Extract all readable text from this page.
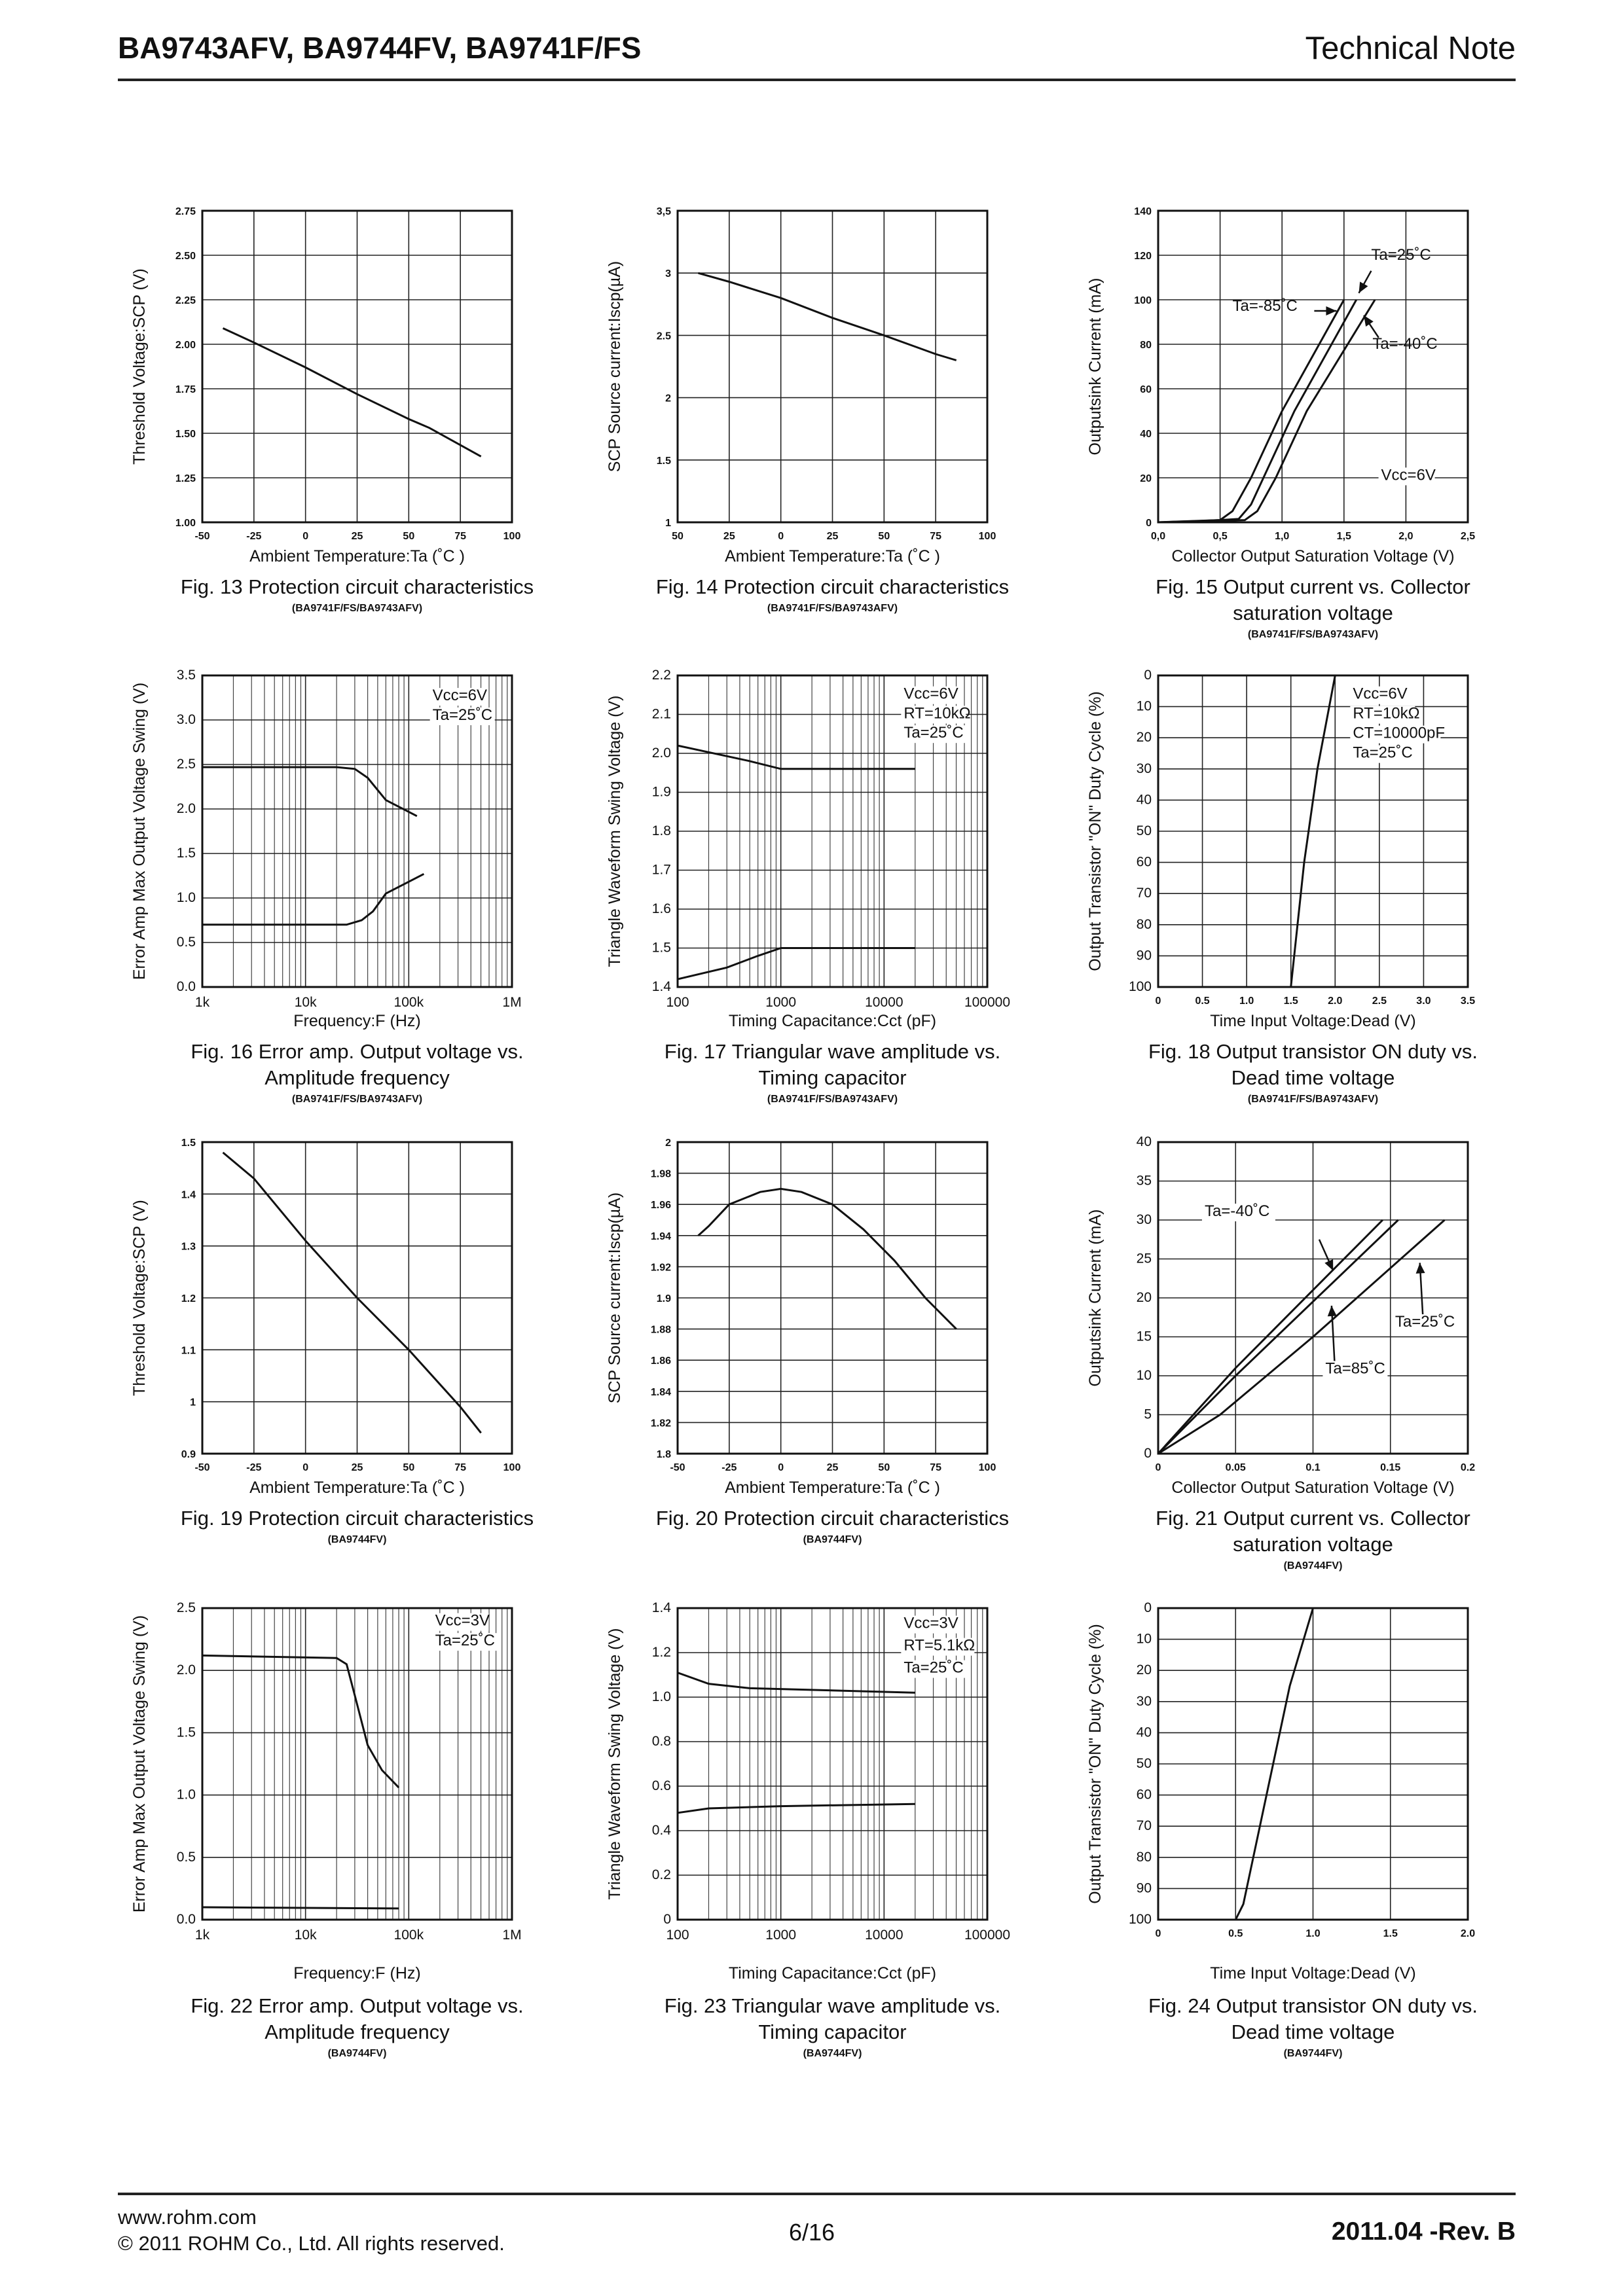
BA9743AFV, BA9744FV, BA9741F/FS	Technical Note
-50	-25	0	25	50	75	100
1.00
1.25
1.50
1.75
2.00
2.25
2.50
2.75
Ambient Temperature:Ta (˚C )
Threshold Voltage:SCP (V)
Fig. 13 Protection circuit characteristics
(BA9741F/FS/BA9743AFV)
50	25	0	25	50	75	100
1
1.5
2
2.5
3
3,5
Ambient Temperature:Ta (˚C )
SCP Source current:Iscp(µA)
Fig. 14 Protection circuit characteristics
(BA9741F/FS/BA9743AFV)
0,0	0,5	1,0	1,5	2,0	2,5
0
20
40
60
80
100
120
140
Ta=25˚C
Ta=-85˚C
Ta=-40˚C
Vcc=6V
Collector Output Saturation Voltage (V)
Outputsink Current (mA)
Fig. 15 Output current vs. Collector
saturation voltage
(BA9741F/FS/BA9743AFV)
1k	10k	100k	1M
0.0
0.5
1.0
1.5
2.0
2.5
3.0
3.5
Vcc=6V
Ta=25˚C
Frequency:F (Hz)
Error Amp Max Output Voltage Swing (V)
Fig. 16 Error amp. Output voltage vs.
Amplitude frequency
(BA9741F/FS/BA9743AFV)
100	1000	10000	100000
1.4
1.5
1.6
1.7
1.8
1.9
2.0
2.1
2.2
Vcc=6V
RT=10kΩ
Ta=25˚C
Timing Capacitance:Cct (pF)
Triangle Waveform Swing Voltage (V)
Fig. 17 Triangular wave amplitude vs.
Timing capacitor
(BA9741F/FS/BA9743AFV)
0	0.5	1.0	1.5	2.0	2.5	3.0	3.5
0
10
20
30
40
50
60
70
80
90
100
Vcc=6V
RT=10kΩ
CT=10000pF
Ta=25˚C
Time Input Voltage:Dead (V)
Output Transistor "ON" Duty Cycle (%)
Fig. 18 Output transistor ON duty vs.
Dead time voltage
(BA9741F/FS/BA9743AFV)
-50	-25	0	25	50	75	100
0.9
1
1.1
1.2
1.3
1.4
1.5
Ambient Temperature:Ta (˚C )
Threshold Voltage:SCP (V)
Fig. 19 Protection circuit characteristics
(BA9744FV)
-50	-25	0	25	50	75	100
1.8
1.82
1.84
1.86
1.88
1.9
1.92
1.94
1.96
1.98
2
Ambient Temperature:Ta (˚C )
SCP Source current:Iscp(µA)
Fig. 20 Protection circuit characteristics
(BA9744FV)
0	0.05	0.1	0.15	0.2
0
5
10
15
20
25
30
35
40
Ta=-40˚C
Ta=25˚C
Ta=85˚C
Collector Output Saturation Voltage (V)
Outputsink Current (mA)
Fig. 21 Output current vs. Collector
saturation voltage
(BA9744FV)
1k	10k	100k	1M
0.0
0.5
1.0
1.5
2.0
2.5
Vcc=3V
Ta=25˚C
Frequency:F (Hz)
Error Amp Max Output Voltage Swing (V)
Fig. 22 Error amp. Output voltage vs.
Amplitude frequency
(BA9744FV)
100	1000	10000	100000
0
0.2
0.4
0.6
0.8
1.0
1.2
1.4
Vcc=3V
RT=5.1kΩ
Ta=25˚C
Timing Capacitance:Cct (pF)
Triangle Waveform Swing Voltage (V)
Fig. 23 Triangular wave amplitude vs.
Timing capacitor
(BA9744FV)
0	0.5	1.0	1.5	2.0
0
10
20
30
40
50
60
70
80
90
100
Time Input Voltage:Dead (V)
Output Transistor "ON" Duty Cycle (%)
Fig. 24 Output transistor ON duty vs.
Dead time voltage
(BA9744FV)
www.rohm.com
© 2011 ROHM Co., Ltd. All rights reserved.	6/16	2011.04 -Rev. B
